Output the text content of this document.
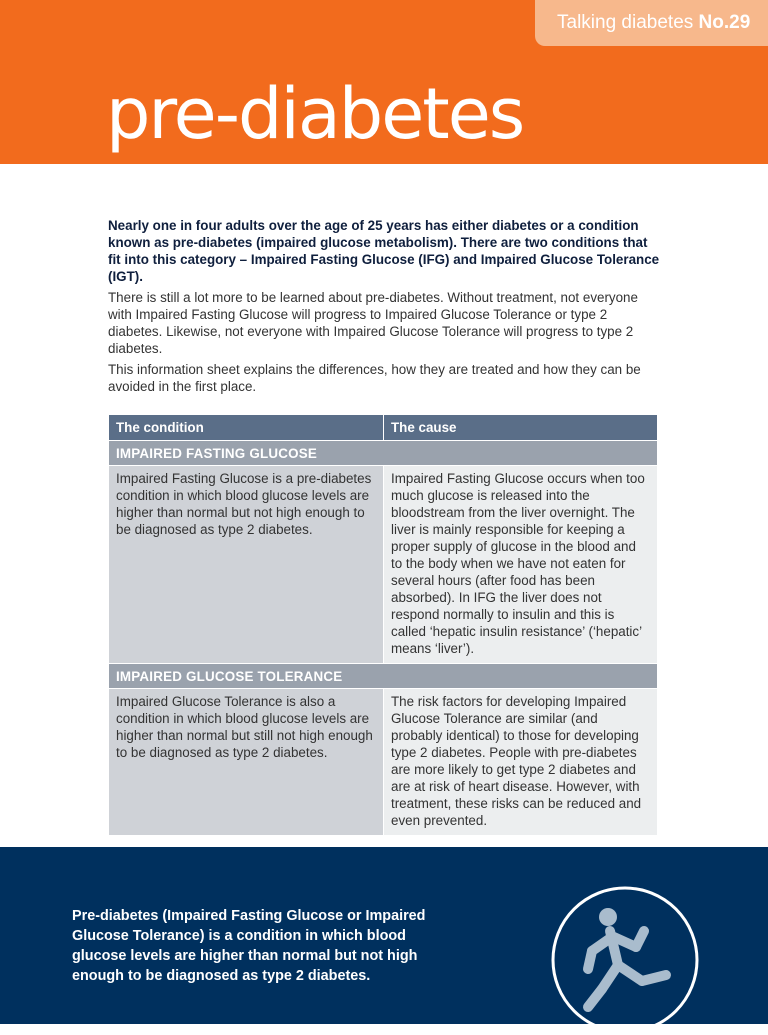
Talking diabetes No.29
pre-diabetes

Nearly one in four adults over the age of 25 years has either diabetes or a condition known as pre-diabetes (impaired glucose metabolism). There are two conditions that fit into this category – Impaired Fasting Glucose (IFG) and Impaired Glucose Tolerance (IGT).

There is still a lot more to be learned about pre-diabetes. Without treatment, not everyone with Impaired Fasting Glucose will progress to Impaired Glucose Tolerance or type 2 diabetes. Likewise, not everyone with Impaired Glucose Tolerance will progress to type 2 diabetes.

This information sheet explains the differences, how they are treated and how they can be avoided in the first place.

The condition	The cause
IMPAIRED FASTING GLUCOSE	
Impaired Fasting Glucose is a pre-diabetes condition in which blood glucose levels are higher than normal but not high enough to be diagnosed as type 2 diabetes.	Impaired Fasting Glucose occurs when too much glucose is released into the bloodstream from the liver overnight. The liver is mainly responsible for keeping a proper supply of glucose in the blood and to the body when we have not eaten for several hours (after food has been absorbed). In IFG the liver does not respond normally to insulin and this is called ‘hepatic insulin resistance’ (‘hepatic’ means ‘liver’).
IMPAIRED GLUCOSE TOLERANCE	
Impaired Glucose Tolerance is also a condition in which blood glucose levels are higher than normal but still not high enough to be diagnosed as type 2 diabetes.	The risk factors for developing Impaired Glucose Tolerance are similar (and probably identical) to those for developing type 2 diabetes. People with pre-diabetes are more likely to get type 2 diabetes and are at risk of heart disease. However, with treatment, these risks can be reduced and even prevented.
Pre-diabetes (Impaired Fasting Glucose or Impaired Glucose Tolerance) is a condition in which blood glucose levels are higher than normal but not high enough to be diagnosed as type 2 diabetes.
